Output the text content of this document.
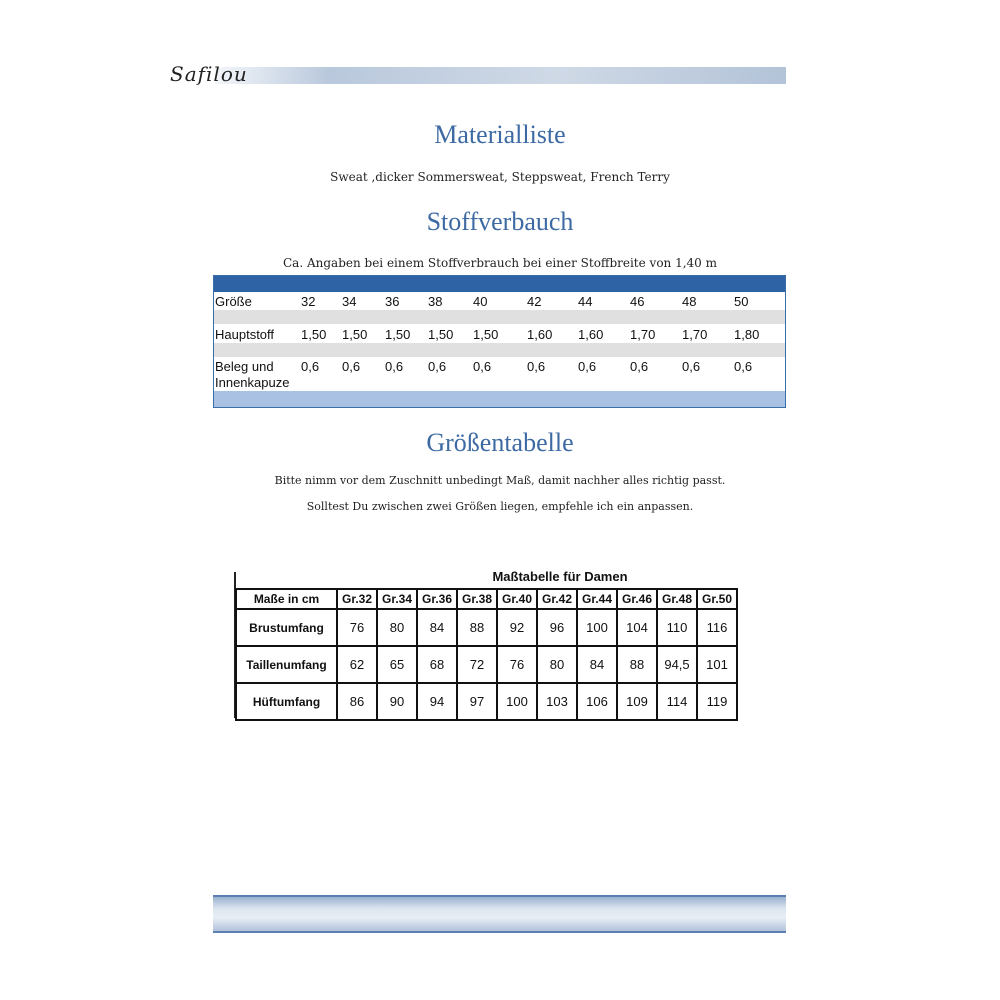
Safilou
Materialliste
Sweat ,dicker Sommersweat, Steppsweat, French Terry
Stoffverbauch
Ca. Angaben bei einem Stoffverbrauch bei einer Stoffbreite von 1,40 m
Größe	32 34 36 38 40	42	44	46	48	50
Hauptstoff 1,50 1,50 1,50 1,50 1,50 1,60 1,60 1,70 1,70 1,80
Beleg und
Innenkapuze
0,6 0,6 0,6 0,6 0,6	0,6	0,6	0,6	0,6	0,6
Größentabelle
Bitte nimm vor dem Zuschnitt unbedingt Maß, damit nachher alles richtig passt.
Solltest Du zwischen zwei Größen liegen, empfehle ich ein anpassen.
Maßtabelle für Damen
Maße in cm	Gr.32	Gr.34	Gr.36	Gr.38	Gr.40	Gr.42	Gr.44	Gr.46	Gr.48	Gr.50
Brustumfang	76	80	84	88	92	96	100	104	110	116
Taillenumfang	62	65	68	72	76	80	84	88	94,5	101
Hüftumfang	86	90	94	97	100	103	106	109	114	119
